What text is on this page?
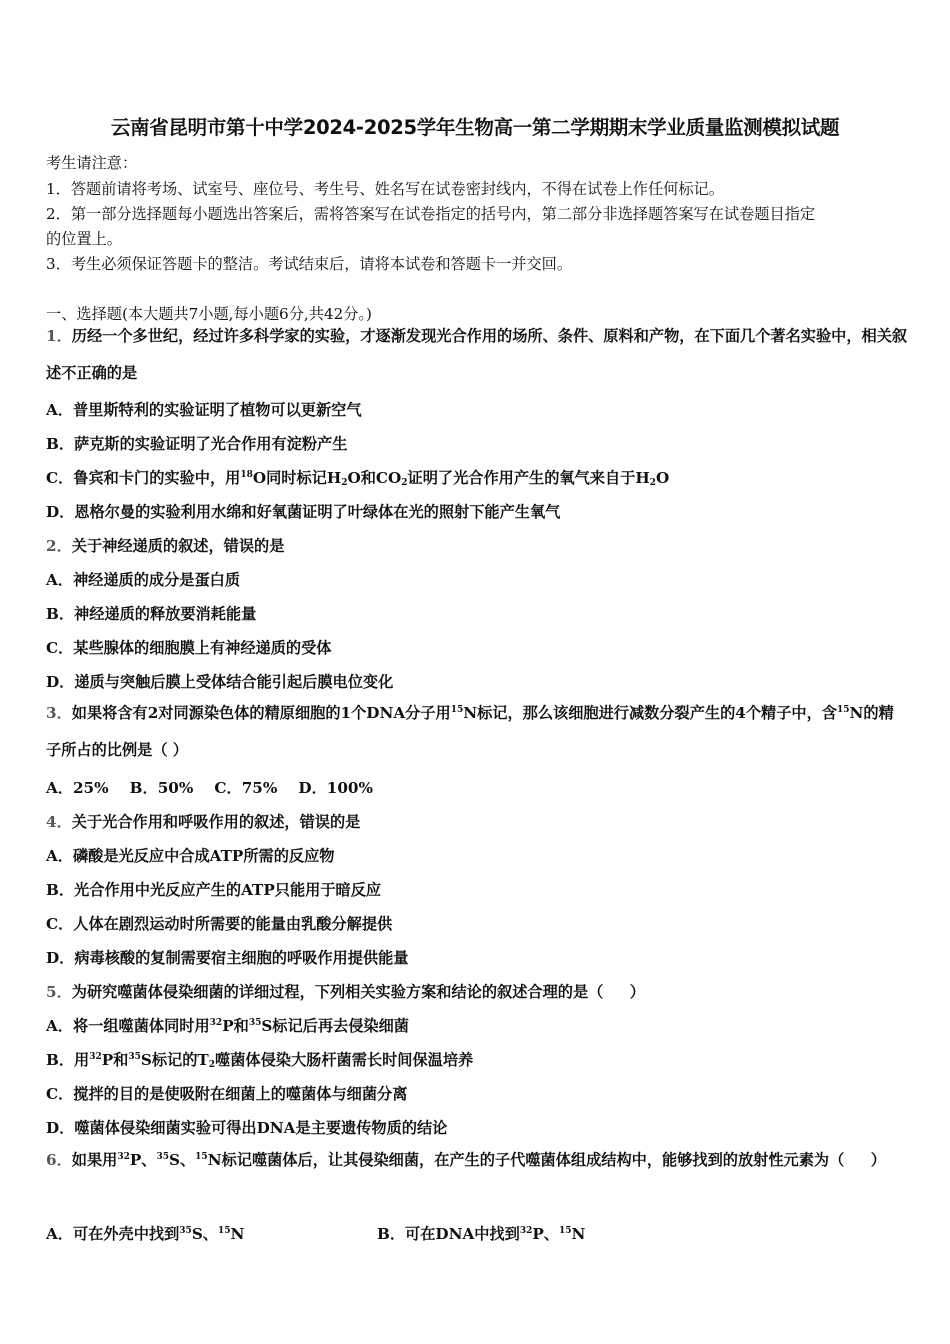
云南省昆明市第十中学2024-2025学年生物高一第二学期期末学业质量监测模拟试题
考生请注意：
1．答题前请将考场、试室号、座位号、考生号、姓名写在试卷密封线内，不得在试卷上作任何标记。
2．第一部分选择题每小题选出答案后，需将答案写在试卷指定的括号内，第二部分非选择题答案写在试卷题目指定
的位置上。
3．考生必须保证答题卡的整洁。考试结束后，请将本试卷和答题卡一并交回。
一、选择题(本大题共7小题,每小题6分,共42分。)
1．历经一个多世纪，经过许多科学家的实验，才逐渐发现光合作用的场所、条件、原料和产物，在下面几个著名实验中，相关叙述不正确的是
A．普里斯特利的实验证明了植物可以更新空气
B．萨克斯的实验证明了光合作用有淀粉产生
C．鲁宾和卡门的实验中，用$^{18}$O同时标记$H_2O$和$CO_2$证明了光合作用产生的氧气来自于$H_2O$
D．恩格尔曼的实验利用水绵和好氧菌证明了叶绿体在光的照射下能产生氧气
2．关于神经递质的叙述，错误的是
A．神经递质的成分是蛋白质
B．神经递质的释放要消耗能量
C．某些腺体的细胞膜上有神经递质的受体
D．递质与突触后膜上受体结合能引起后膜电位变化
3．如果将含有2对同源染色体的精原细胞的1个DNA分子用$^{15}$N标记，那么该细胞进行减数分裂产生的4个精子中，含$^{15}$N的精子所占的比例是（ ）
A．25%    B．50%    C．75%    D．100%
4．关于光合作用和呼吸作用的叙述，错误的是
A．磷酸是光反应中合成ATP所需的反应物
B．光合作用中光反应产生的ATP只能用于暗反应
C．人体在剧烈运动时所需要的能量由乳酸分解提供
D．病毒核酸的复制需要宿主细胞的呼吸作用提供能量
5．为研究噬菌体侵染细菌的详细过程，下列相关实验方案和结论的叙述合理的是（     ）
A．将一组噬菌体同时用$^{32}$P和$^{35}$S标记后再去侵染细菌
B．用$^{32}$P和$^{35}$S标记的$T_2$噬菌体侵染大肠杆菌需长时间保温培养
C．搅拌的目的是使吸附在细菌上的噬菌体与细菌分离
D．噬菌体侵染细菌实验可得出DNA是主要遗传物质的结论
6．如果用$^{32}$P、$^{35}$S、$^{15}$N标记噬菌体后，让其侵染细菌，在产生的子代噬菌体组成结构中，能够找到的放射性元素为（     ）
A．可在外壳中找到$^{35}$S、$^{15}$N	B．可在DNA中找到$^{32}$P、$^{15}$N
